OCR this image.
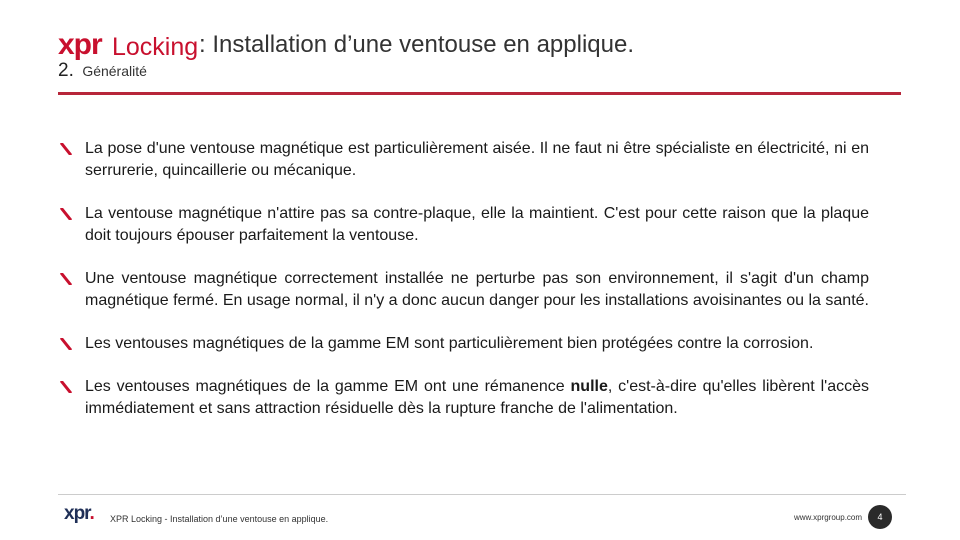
xpr Locking : Installation d’une ventouse en applique.
2. Généralité
La pose d'une ventouse magnétique est particulièrement aisée. Il ne faut ni être spécialiste en électricité, ni en serrurerie, quincaillerie ou mécanique.
La ventouse magnétique n'attire pas sa contre-plaque, elle la maintient. C'est pour cette raison que la plaque doit toujours épouser parfaitement la ventouse.
Une ventouse magnétique correctement installée ne perturbe pas son environnement, il s'agit d'un champ magnétique fermé. En usage normal, il n'y a donc aucun danger pour les installations avoisinantes ou la santé.
Les ventouses magnétiques de la gamme EM sont particulièrement bien protégées contre la corrosion.
Les ventouses magnétiques de la gamme EM ont une rémanence nulle, c'est-à-dire qu'elles libèrent l'accès immédiatement et sans attraction résiduelle dès la rupture franche de l'alimentation.
xpr. XPR Locking - Installation d’une ventouse en applique.	www.xprgroup.com	4
